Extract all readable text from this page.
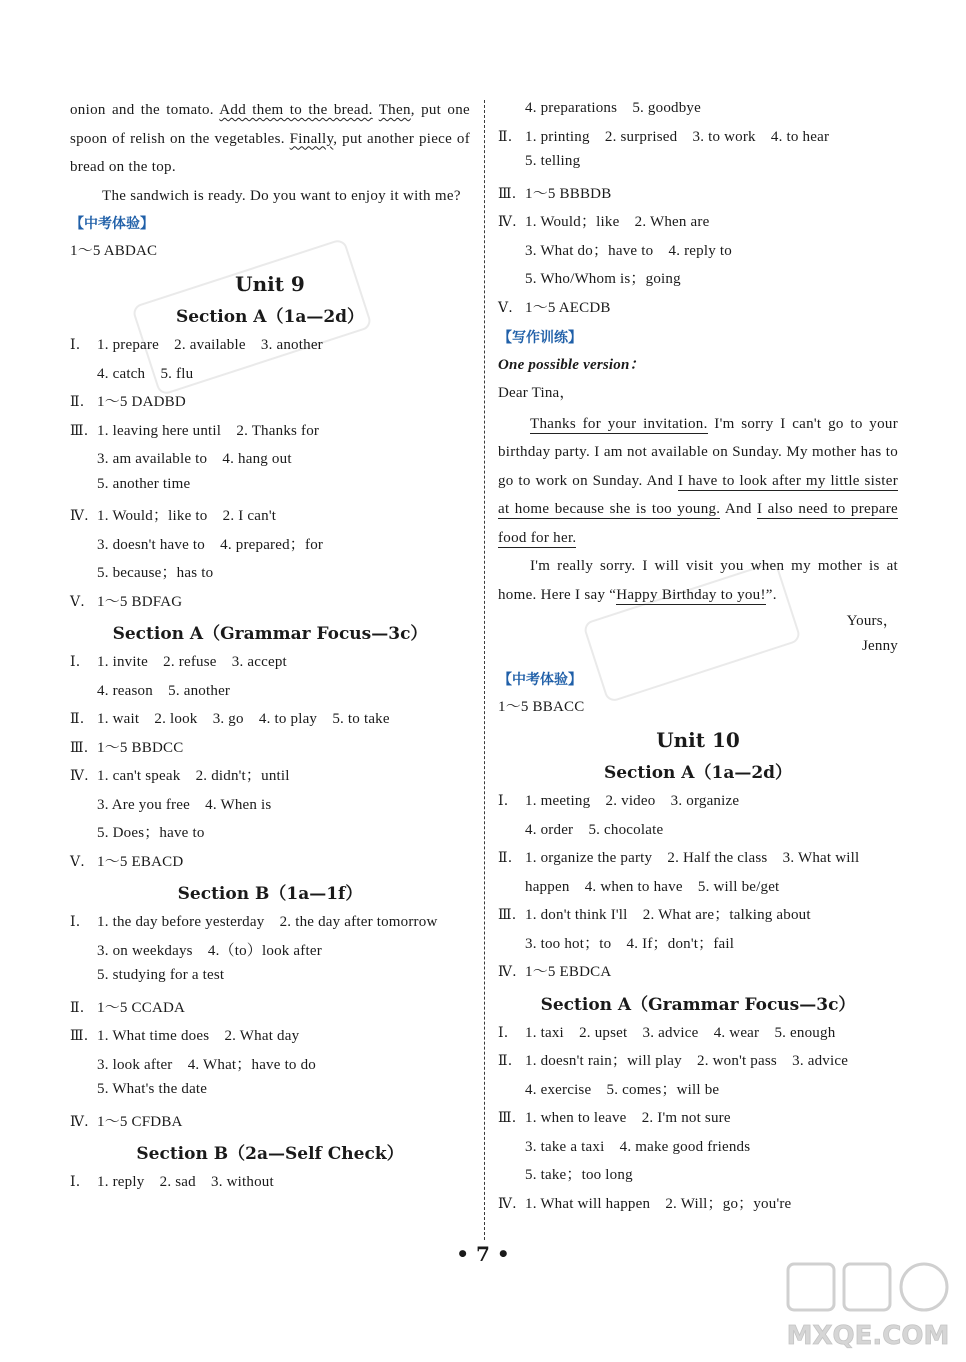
onion and the tomato. Add them to the bread. Then, put one spoon of relish on the vegetables. Finally, put another piece of bread on the top.

The sandwich is ready. Do you want to enjoy it with me?

【中考体验】
1～5 ABDAC
Unit 9
Section A（1a—2d）
Ⅰ.	1. prepare　2. available　3. another
4. catch　5. flu
Ⅱ. 1～5 DADBD
Ⅲ. 1. leaving here until　2. Thanks for
3. am available to　4. hang out
5. another time
Ⅳ. 1. Would；like to　2. I can't
3. doesn't have to　4. prepared；for
5. because；has to
Ⅴ. 1～5 BDFAG
Section A（Grammar Focus—3c）
Ⅰ.	1. invite　2. refuse　3. accept
4. reason　5. another
Ⅱ. 1. wait　2. look　3. go　4. to play　5. to take
Ⅲ. 1～5 BBDCC
Ⅳ. 1. can't speak　2. didn't；until
3. Are you free　4. When is
5. Does；have to
Ⅴ. 1～5 EBACD
Section B（1a—1f）
Ⅰ.	1. the day before yesterday　2. the day after tomorrow
3. on weekdays　4.（to）look after
5. studying for a test
Ⅱ. 1～5 CCADA
Ⅲ. 1. What time does　2. What day
3. look after　4. What；have to do
5. What's the date
Ⅳ. 1～5 CFDBA
Section B（2a—Self Check）
Ⅰ.	1. reply　2. sad　3. without
4. preparations　5. goodbye
Ⅱ. 1. printing　2. surprised　3. to work　4. to hear
5. telling
Ⅲ. 1～5 BBBDB
Ⅳ. 1. Would；like　2. When are
3. What do；have to　4. reply to
5. Who/Whom is；going
Ⅴ. 1～5 AECDB
【写作训练】
One possible version：
Dear Tina，

Thanks for your invitation. I'm sorry I can't go to your birthday party. I am not available on Sunday. My mother has to go to work on Sunday. And I have to look after my little sister at home because she is too young. And I also need to prepare food for her.

I'm really sorry. I will visit you when my mother is at home. Here I say “Happy Birthday to you!”.

Yours，
Jenny
【中考体验】
1～5 BBACC
Unit 10
Section A（1a—2d）
Ⅰ.	1. meeting　2. video　3. organize
4. order　5. chocolate
Ⅱ. 1. organize the party　2. Half the class　3. What will
happen　4. when to have　5. will be/get
Ⅲ. 1. don't think I'll　2. What are；talking about
3. too hot；to　4. If；don't；fail
Ⅳ. 1～5 EBDCA
Section A（Grammar Focus—3c）
Ⅰ.	1. taxi　2. upset　3. advice　4. wear　5. enough
Ⅱ. 1. doesn't rain；will play　2. won't pass　3. advice
4. exercise　5. comes；will be
Ⅲ. 1. when to leave　2. I'm not sure
3. take a taxi　4. make good friends
5. take；too long
Ⅳ. 1. What will happen　2. Will；go；you're
• 7 •
MXQE.COM
